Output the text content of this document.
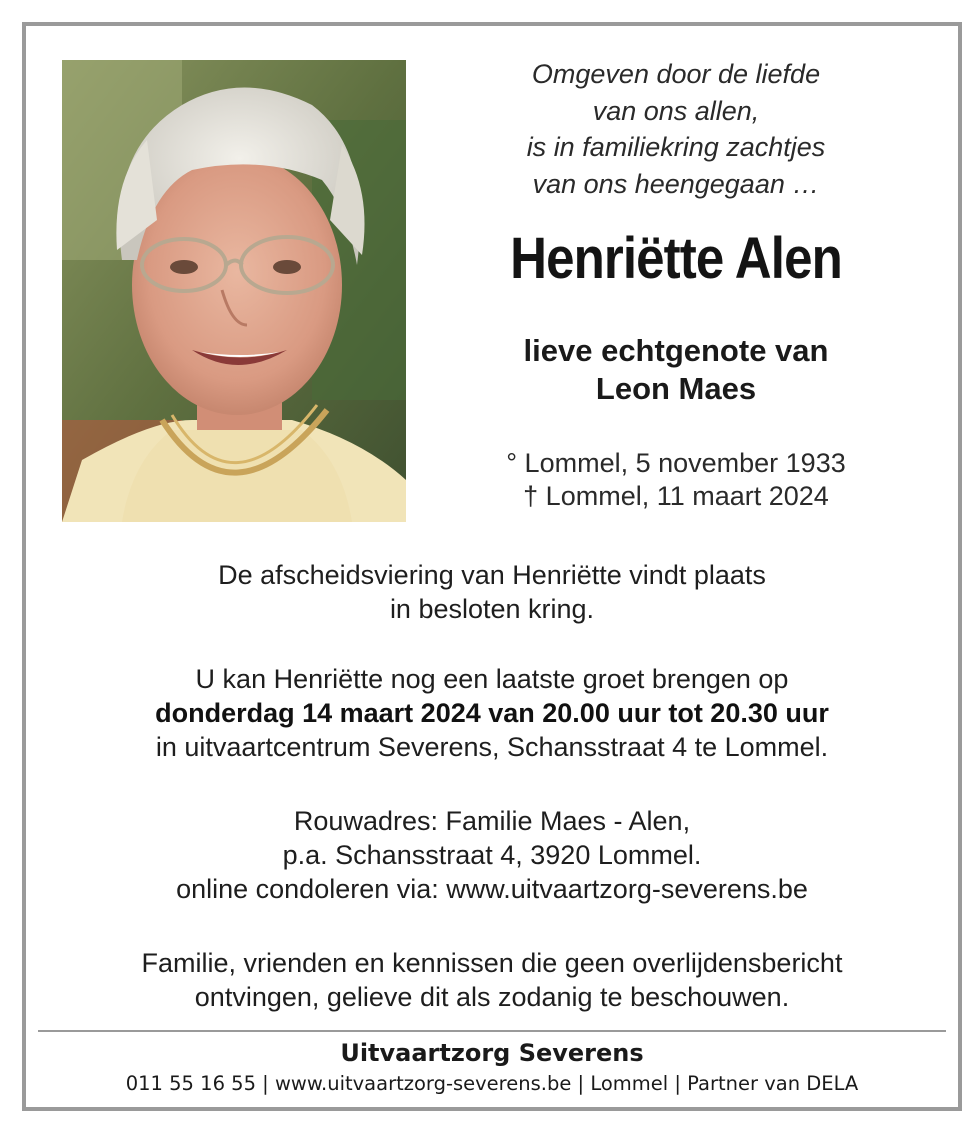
Omgeven door de liefde
van ons allen,
is in familiekring zachtjes
van ons heengegaan …
Henriëtte Alen
lieve echtgenote van
Leon Maes
° Lommel, 5 november 1933
† Lommel, 11 maart 2024
De afscheidsviering van Henriëtte vindt plaats
in besloten kring.
U kan Henriëtte nog een laatste groet brengen op
donderdag 14 maart 2024 van 20.00 uur tot 20.30 uur
in uitvaartcentrum Severens, Schansstraat 4 te Lommel.
Rouwadres: Familie Maes - Alen,
p.a. Schansstraat 4, 3920 Lommel.
online condoleren via: www.uitvaartzorg-severens.be
Familie, vrienden en kennissen die geen overlijdensbericht
ontvingen, gelieve dit als zodanig te beschouwen.
Uitvaartzorg Severens
011 55 16 55 | www.uitvaartzorg-severens.be | Lommel | Partner van DELA
